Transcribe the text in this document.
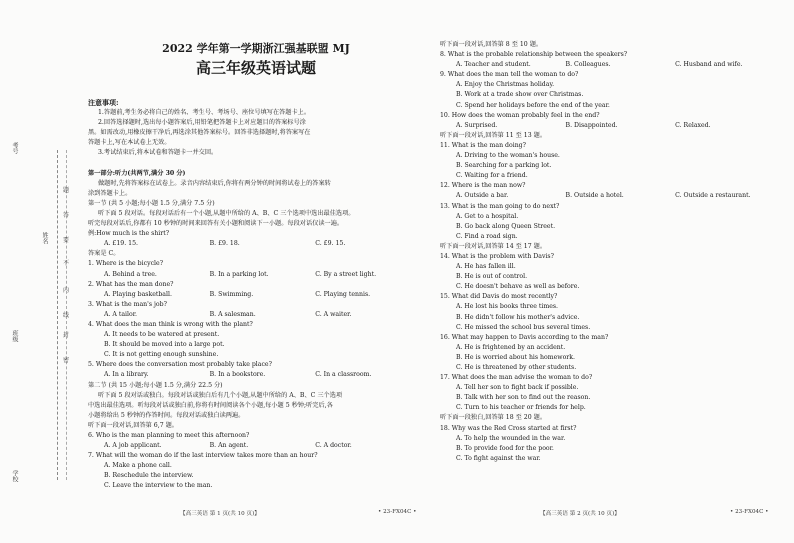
考号
班级
姓名
学校
题
答
要
不
内
线
封
密
2022 学年第一学期浙江强基联盟 MJ
高三年级英语试题
注意事项:
1.答题前,考生务必将自己的姓名、考生号、考场号、座位号填写在答题卡上。
2.回答选择题时,选出每小题答案后,用铅笔把答题卡上对应题目的答案标号涂
黑。如需改动,用橡皮擦干净后,再选涂其他答案标号。回答非选择题时,将答案写在
答题卡上,写在本试卷上无效。
3.考试结束后,将本试卷和答题卡一并交回。
第一部分:听力(共两节,满分 30 分)
做题时,先将答案标在试卷上。录音内容结束后,你将有两分钟的时间将试卷上的答案转
涂到答题卡上。
第一节 (共 5 小题;每小题 1.5 分,满分 7.5 分)
听下面 5 段对话。每段对话后有一个小题,从题中所给的 A、B、C 三个选项中选出最佳选项。
听完每段对话后,你都有 10 秒钟的时间来回答有关小题和阅读下一小题。每段对话仅读一遍。
例:How much is the shirt?
A. £19. 15.	B. £9. 18.	C. £9. 15.
答案是 C。
1. Where is the bicycle?
A. Behind a tree.	B. In a parking lot.	C. By a street light.
2. What has the man done?
A. Playing basketball.	B. Swimming.	C. Playing tennis.
3. What is the man's job?
A. A tailor.	B. A salesman.	C. A waiter.
4. What does the man think is wrong with the plant?
A. It needs to be watered at present.
B. It should be moved into a large pot.
C. It is not getting enough sunshine.
5. Where does the conversation most probably take place?
A. In a library.	B. In a bookstore.	C. In a classroom.
第二节 (共 15 小题;每小题 1.5 分,满分 22.5 分)
听下面 5 段对话或独白。每段对话或独白后有几个小题,从题中所给的 A、B、C 三个选项
中选出最佳选项。听每段对话或独白前,你将有时间阅读各个小题,每小题 5 秒钟;听完后,各
小题将给出 5 秒钟的作答时间。每段对话或独白读两遍。
听下面一段对话,回答第 6,7 题。
6. Who is the man planning to meet this afternoon?
A. A job applicant.	B. An agent.	C. A doctor.
7. What will the woman do if the last interview takes more than an hour?
A. Make a phone call.
B. Reschedule the interview.
C. Leave the interview to the man.
听下面一段对话,回答第 8 至 10 题。
8. What is the probable relationship between the speakers?
A. Teacher and student.	B. Colleagues.	C. Husband and wife.
9. What does the man tell the woman to do?
A. Enjoy the Christmas holiday.
B. Work at a trade show over Christmas.
C. Spend her holidays before the end of the year.
10. How does the woman probably feel in the end?
A. Surprised.	B. Disappointed.	C. Relaxed.
听下面一段对话,回答第 11 至 13 题。
11. What is the man doing?
A. Driving to the woman's house.
B. Searching for a parking lot.
C. Waiting for a friend.
12. Where is the man now?
A. Outside a bar.	B. Outside a hotel.	C. Outside a restaurant.
13. What is the man going to do next?
A. Get to a hospital.
B. Go back along Queen Street.
C. Find a road sign.
听下面一段对话,回答第 14 至 17 题。
14. What is the problem with Davis?
A. He has fallen ill.
B. He is out of control.
C. He doesn't behave as well as before.
15. What did Davis do most recently?
A. He lost his books three times.
B. He didn't follow his mother's advice.
C. He missed the school bus several times.
16. What may happen to Davis according to the man?
A. He is frightened by an accident.
B. He is worried about his homework.
C. He is threatened by other students.
17. What does the man advise the woman to do?
A. Tell her son to fight back if possible.
B. Talk with her son to find out the reason.
C. Turn to his teacher or friends for help.
听下面一段独白,回答第 18 至 20 题。
18. Why was the Red Cross started at first?
A. To help the wounded in the war.
B. To provide food for the poor.
C. To fight against the war.
【高三英语 第 1 页(共 10 页)】	• 23-FX04C •	【高三英语 第 2 页(共 10 页)】	• 23-FX04C •
